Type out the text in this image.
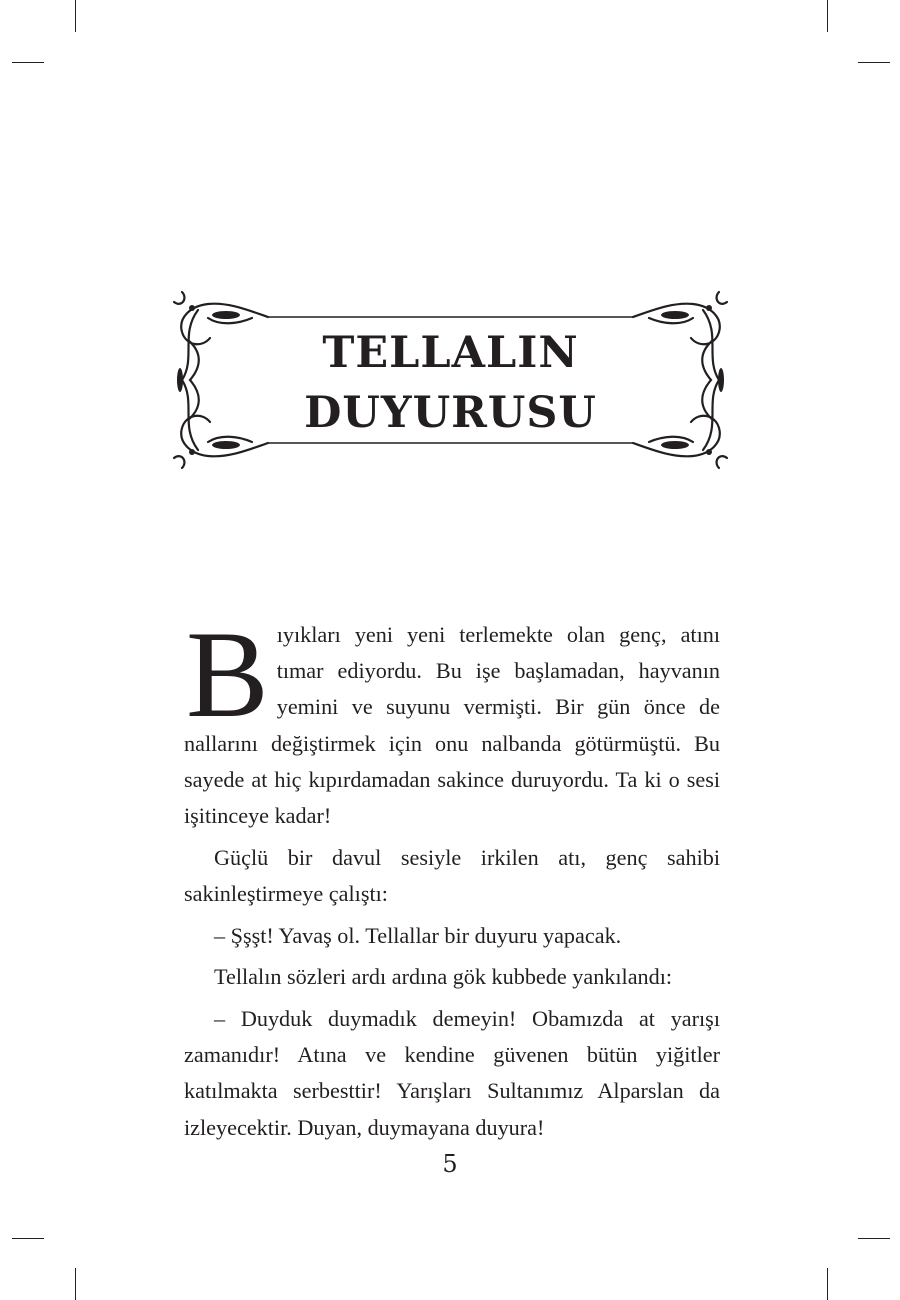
TELLALIN
DUYURUSU

Bıyıkları yeni yeni terlemekte olan genç, atını tımar ediyordu. Bu işe başlamadan, hayvanın yemini ve suyunu vermişti. Bir gün önce de nallarını değiştirmek için onu nalbanda götürmüştü. Bu sayede at hiç kıpırdamadan sakince duruyordu. Ta ki o sesi işitinceye kadar!

Güçlü bir davul sesiyle irkilen atı, genç sahibi sakinleştirmeye çalıştı:

– Şşşt! Yavaş ol. Tellallar bir duyuru yapacak.

Tellalın sözleri ardı ardına gök kubbede yankılandı:

– Duyduk duymadık demeyin! Obamızda at yarışı zamanıdır! Atına ve kendine güvenen bütün yiğitler katılmakta serbesttir! Yarışları Sultanımız Alparslan da izleyecektir. Duyan, duymayana duyura!

5
